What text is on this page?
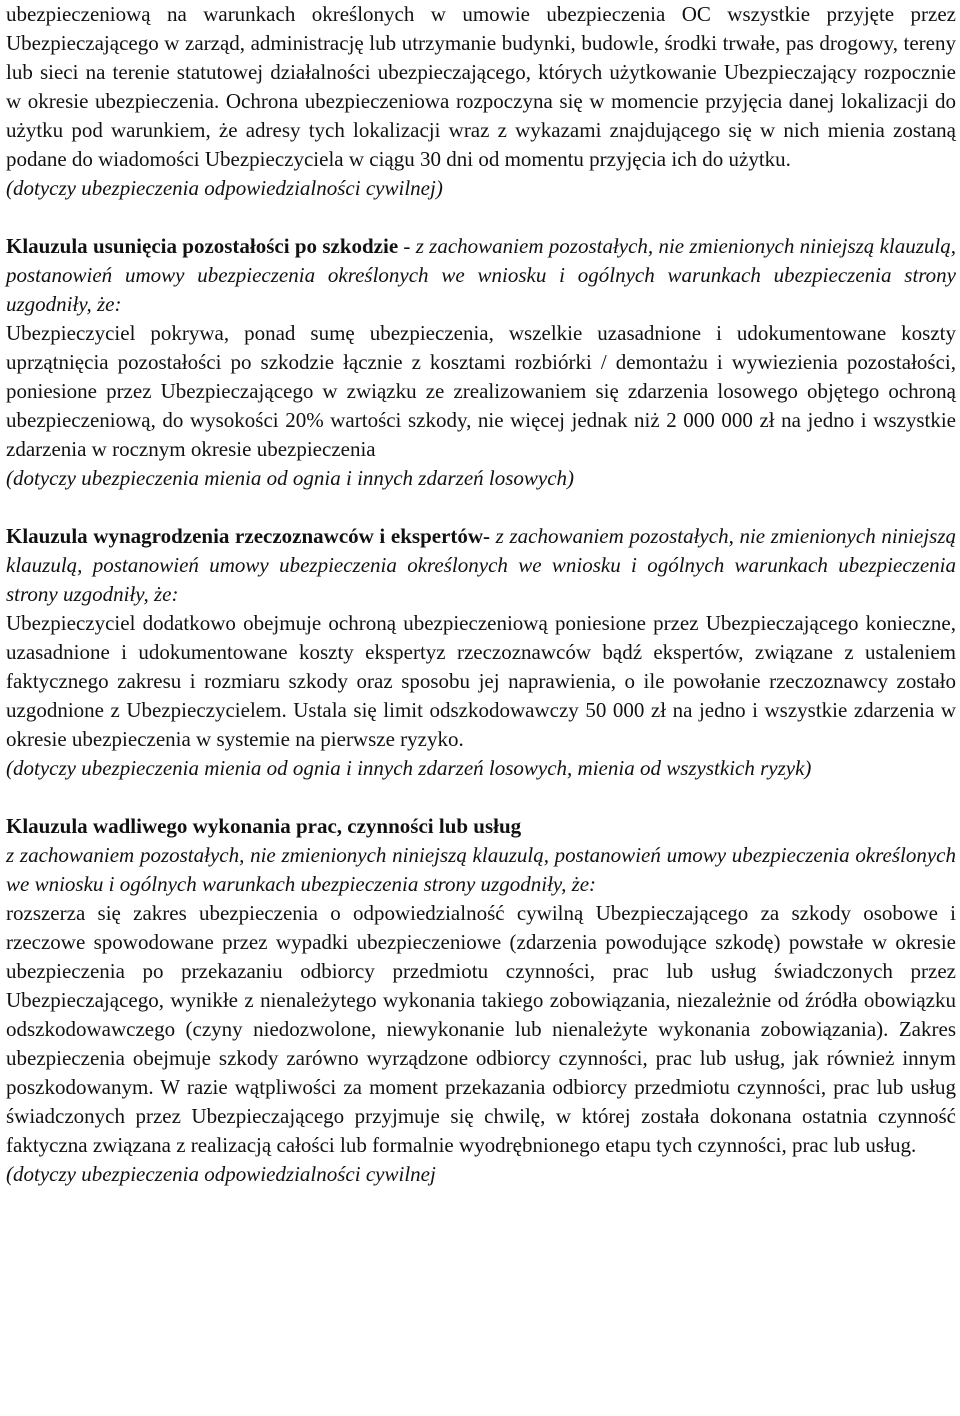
ubezpieczeniową na warunkach określonych w umowie ubezpieczenia OC wszystkie przyjęte przez Ubezpieczającego w zarząd, administrację lub utrzymanie budynki, budowle, środki trwałe, pas drogowy, tereny lub sieci na terenie statutowej działalności ubezpieczającego, których użytkowanie Ubezpieczający rozpocznie w okresie ubezpieczenia. Ochrona ubezpieczeniowa rozpoczyna się w momencie przyjęcia danej lokalizacji do użytku pod warunkiem, że adresy tych lokalizacji wraz z wykazami znajdującego się w nich mienia zostaną podane do wiadomości Ubezpieczyciela w ciągu 30 dni od momentu przyjęcia ich do użytku.

(dotyczy ubezpieczenia odpowiedzialności cywilnej)

Klauzula usunięcia pozostałości po szkodzie - z zachowaniem pozostałych, nie zmienionych niniejszą klauzulą, postanowień umowy ubezpieczenia określonych we wniosku i ogólnych warunkach ubezpieczenia strony uzgodniły, że:

Ubezpieczyciel pokrywa, ponad sumę ubezpieczenia, wszelkie uzasadnione i udokumentowane koszty uprzątnięcia pozostałości po szkodzie łącznie z kosztami rozbiórki / demontażu i wywiezienia pozostałości, poniesione przez Ubezpieczającego w związku ze zrealizowaniem się zdarzenia losowego objętego ochroną ubezpieczeniową, do wysokości 20% wartości szkody, nie więcej jednak niż 2 000 000 zł na jedno i wszystkie zdarzenia w rocznym okresie ubezpieczenia

(dotyczy ubezpieczenia mienia od ognia i innych zdarzeń losowych)

Klauzula wynagrodzenia rzeczoznawców i ekspertów- z zachowaniem pozostałych, nie zmienionych niniejszą klauzulą, postanowień umowy ubezpieczenia określonych we wniosku i ogólnych warunkach ubezpieczenia strony uzgodniły, że:

Ubezpieczyciel dodatkowo obejmuje ochroną ubezpieczeniową poniesione przez Ubezpieczającego konieczne, uzasadnione i udokumentowane koszty ekspertyz rzeczoznawców bądź ekspertów, związane z ustaleniem faktycznego zakresu i rozmiaru szkody oraz sposobu jej naprawienia, o ile powołanie rzeczoznawcy zostało uzgodnione z Ubezpieczycielem. Ustala się limit odszkodowawczy 50 000 zł na jedno i wszystkie zdarzenia w okresie ubezpieczenia w systemie na pierwsze ryzyko.

(dotyczy ubezpieczenia mienia od ognia i innych zdarzeń losowych, mienia od wszystkich ryzyk)

Klauzula wadliwego wykonania prac, czynności lub usług

z zachowaniem pozostałych, nie zmienionych niniejszą klauzulą, postanowień umowy ubezpieczenia określonych we wniosku i ogólnych warunkach ubezpieczenia strony uzgodniły, że:

rozszerza się zakres ubezpieczenia o odpowiedzialność cywilną Ubezpieczającego za szkody osobowe i rzeczowe spowodowane przez wypadki ubezpieczeniowe (zdarzenia powodujące szkodę) powstałe w okresie ubezpieczenia po przekazaniu odbiorcy przedmiotu czynności, prac lub usług świadczonych przez Ubezpieczającego, wynikłe z nienależytego wykonania takiego zobowiązania, niezależnie od źródła obowiązku odszkodowawczego (czyny niedozwolone, niewykonanie lub nienależyte wykonania zobowiązania). Zakres ubezpieczenia obejmuje szkody zarówno wyrządzone odbiorcy czynności, prac lub usług, jak również innym poszkodowanym. W razie wątpliwości za moment przekazania odbiorcy przedmiotu czynności, prac lub usług świadczonych przez Ubezpieczającego przyjmuje się chwilę, w której została dokonana ostatnia czynność faktyczna związana z realizacją całości lub formalnie wyodrębnionego etapu tych czynności, prac lub usług.

(dotyczy ubezpieczenia odpowiedzialności cywilnej
